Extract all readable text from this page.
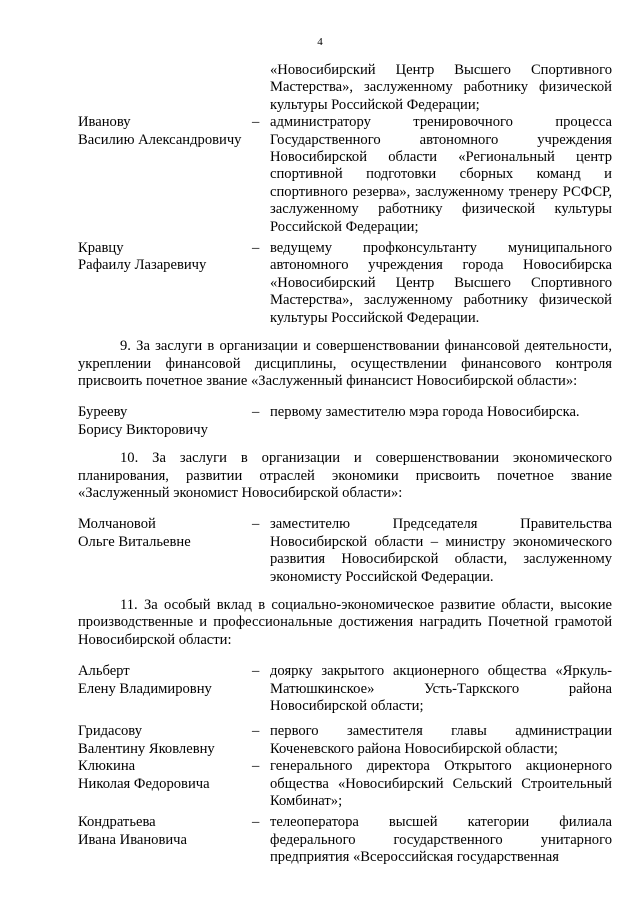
4
«Новосибирский Центр Высшего Спортивного Мастерства», заслуженному работнику физической культуры Российской Федерации;
Иванову
Василию Александровичу
– администратору тренировочного процесса Государственного автономного учреждения Новосибирской области «Региональный центр спортивной подготовки сборных команд и спортивного резерва», заслуженному тренеру РСФСР, заслуженному работнику физической культуры Российской Федерации;
Кравцу
Рафаилу Лазаревичу
– ведущему профконсультанту муниципального автономного учреждения города Новосибирска «Новосибирский Центр Высшего Спортивного Мастерства», заслуженному работнику физической культуры Российской Федерации.

9. За заслуги в организации и совершенствовании финансовой деятельности, укреплении финансовой дисциплины, осуществлении финансового контроля присвоить почетное звание «Заслуженный финансист Новосибирской области»:

Бурееву
Борису Викторовичу
– первому заместителю мэра города Новосибирска.

10. За заслуги в организации и совершенствовании экономического планирования, развитии отраслей экономики присвоить почетное звание «Заслуженный экономист Новосибирской области»:

Молчановой
Ольге Витальевне
– заместителю Председателя Правительства Новосибирской области – министру экономического развития Новосибирской области, заслуженному экономисту Российской Федерации.

11. За особый вклад в социально-экономическое развитие области, высокие производственные и профессиональные достижения наградить Почетной грамотой Новосибирской области:

Альберт
Елену Владимировну
– доярку закрытого акционерного общества «Яркуль-Матюшкинское» Усть-Таркского района Новосибирской области;
Гридасову
Валентину Яковлевну
– первого заместителя главы администрации Коченевского района Новосибирской области;
Клюкина
Николая Федоровича
– генерального директора Открытого акционерного общества «Новосибирский Сельский Строительный Комбинат»;
Кондратьева
Ивана Ивановича
– телеоператора высшей категории филиала федерального государственного унитарного предприятия «Всероссийская государственная
